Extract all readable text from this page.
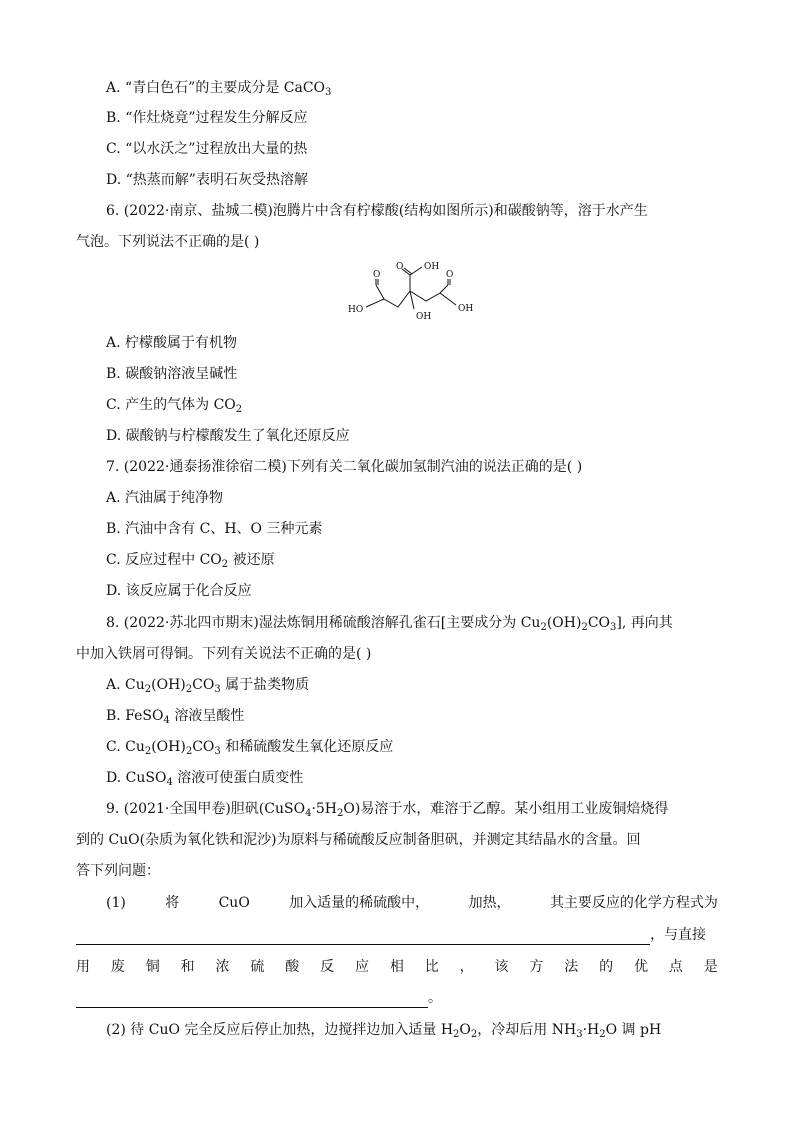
A. “青白色石”的主要成分是 CaCO$_3$
B. “作灶烧竟”过程发生分解反应
C. “以水沃之”过程放出大量的热
D. “热蒸而解”表明石灰受热溶解
6. (2022·南京、盐城二模)泡腾片中含有柠檬酸(结构如图所示)和碳酸钠等，溶于水产生
气泡。下列说法不正确的是( )
OH
O
O
HO
O
OH
OH
A. 柠檬酸属于有机物
B. 碳酸钠溶液呈碱性
C. 产生的气体为 $CO_2$
D. 碳酸钠与柠檬酸发生了氧化还原反应
7. (2022·通泰扬淮徐宿二模)下列有关二氧化碳加氢制汽油的说法正确的是( )
A. 汽油属于纯净物
B. 汽油中含有 C、H、O 三种元素
C. 反应过程中 $CO_2$ 被还原
D. 该反应属于化合反应
8. (2022·苏北四市期末)湿法炼铜用稀硫酸溶解孔雀石[主要成分为 $Cu_2(OH)_2CO_3$], 再向其
中加入铁屑可得铜。下列有关说法不正确的是( )
A. $Cu_2(OH)_2CO_3$ 属于盐类物质
B. FeSO$_4$ 溶液呈酸性
C. $Cu_2(OH)_2CO_3$ 和稀硫酸发生氧化还原反应
D. CuSO$_4$ 溶液可使蛋白质变性
9. (2021·全国甲卷)胆矾$(CuSO_4\cdot 5H_2O)$易溶于水，难溶于乙醇。某小组用工业废铜焙烧得
到的 CuO(杂质为氧化铁和泥沙)为原料与稀硫酸反应制备胆矾，并测定其结晶水的含量。回
答下列问题：
(1)	将	CuO	加入适量的稀硫酸中，	加热，	其主要反应的化学方程式为
，与直接
用 废 铜 和 浓 硫 酸 反 应 相 比 ， 该 方 法 的 优 点 是
。
(2) 待 CuO 完全反应后停止加热，边搅拌边加入适量 $H_2O_2$，冷却后用 $NH_3\cdot H_2O$ 调 pH
